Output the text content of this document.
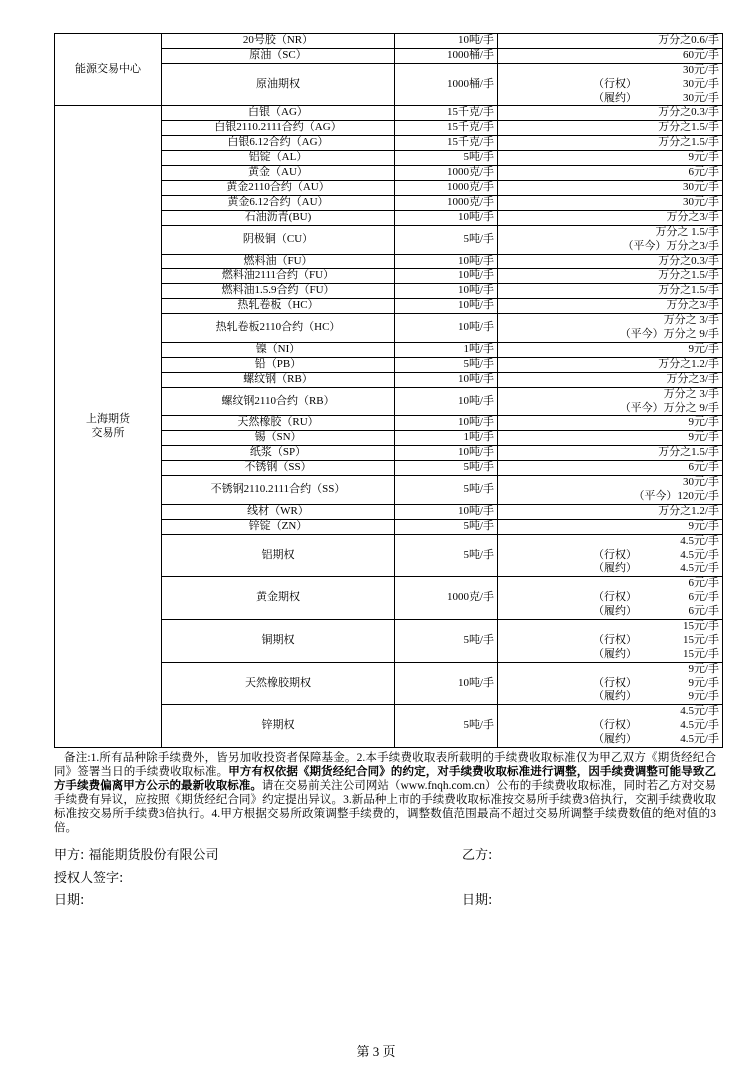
能源交易中心	20号胶（NR）	10吨/手	万分之0.6/手

	原油（SC）	1000桶/手	60元/手

	原油期权	1000桶/手	30元/手
（行权） 30元/手
（履约） 30元/手

上海期货
交易所	白银（AG）	15千克/手	万分之0.3/手

	白银2110.2111合约（AG）	15千克/手	万分之1.5/手

	白银6.12合约（AG）	15千克/手	万分之1.5/手

	铝锭（AL）	5吨/手	9元/手

	黄金（AU）	1000克/手	6元/手

	黄金2110合约（AU）	1000克/手	30元/手

	黄金6.12合约（AU）	1000克/手	30元/手

	石油沥青(BU)	10吨/手	万分之3/手

	阴极铜（CU）	5吨/手	万分之 1.5/手
（平今）万分之3/手

	燃料油（FU）	10吨/手	万分之0.3/手

	燃料油2111合约（FU）	10吨/手	万分之1.5/手

	燃料油1.5.9合约（FU）	10吨/手	万分之1.5/手

	热轧卷板（HC）	10吨/手	万分之3/手

	热轧卷板2110合约（HC）	10吨/手	万分之 3/手
（平今）万分之 9/手

	镍（NI）	1吨/手	9元/手

	铅（PB）	5吨/手	万分之1.2/手

	螺纹钢（RB）	10吨/手	万分之3/手

	螺纹钢2110合约（RB）	10吨/手	万分之 3/手
（平今）万分之 9/手

	天然橡胶（RU）	10吨/手	9元/手

	锡（SN）	1吨/手	9元/手

	纸浆（SP）	10吨/手	万分之1.5/手

	不锈钢（SS）	5吨/手	6元/手

	不锈钢2110.2111合约（SS）	5吨/手	30元/手
（平今）120元/手

	线材（WR）	10吨/手	万分之1.2/手

	锌锭（ZN）	5吨/手	9元/手

	铝期权	5吨/手	4.5元/手
（行权） 4.5元/手
（履约） 4.5元/手

	黄金期权	1000克/手	6元/手
（行权） 6元/手
（履约） 6元/手

	铜期权	5吨/手	15元/手
（行权） 15元/手
（履约） 15元/手

	天然橡胶期权	10吨/手	9元/手
（行权） 9元/手
（履约） 9元/手

	锌期权	5吨/手	4.5元/手
（行权） 4.5元/手
（履约） 4.5元/手
备注:1.所有品种除手续费外，皆另加收投资者保障基金。2.本手续费收取表所载明的手续费收取标准仅为甲乙双方《期货经纪合同》签署当日的手续费收取标准。甲方有权依据《期货经纪合同》的约定，对手续费收取标准进行调整，因手续费调整可能导致乙方手续费偏离甲方公示的最新收取标准。请在交易前关注公司网站（www.fnqh.com.cn）公布的手续费收取标准，同时若乙方对交易手续费有异议，应按照《期货经纪合同》约定提出异议。3.新品种上市的手续费收取标准按交易所手续费3倍执行，交割手续费收取标准按交易所手续费3倍执行。4.甲方根据交易所政策调整手续费的，调整数值范围最高不超过交易所调整手续费数值的绝对值的3倍。
甲方: 福能期货股份有限公司	乙方:
授权人签字:
日期:	日期:
第 3 页
